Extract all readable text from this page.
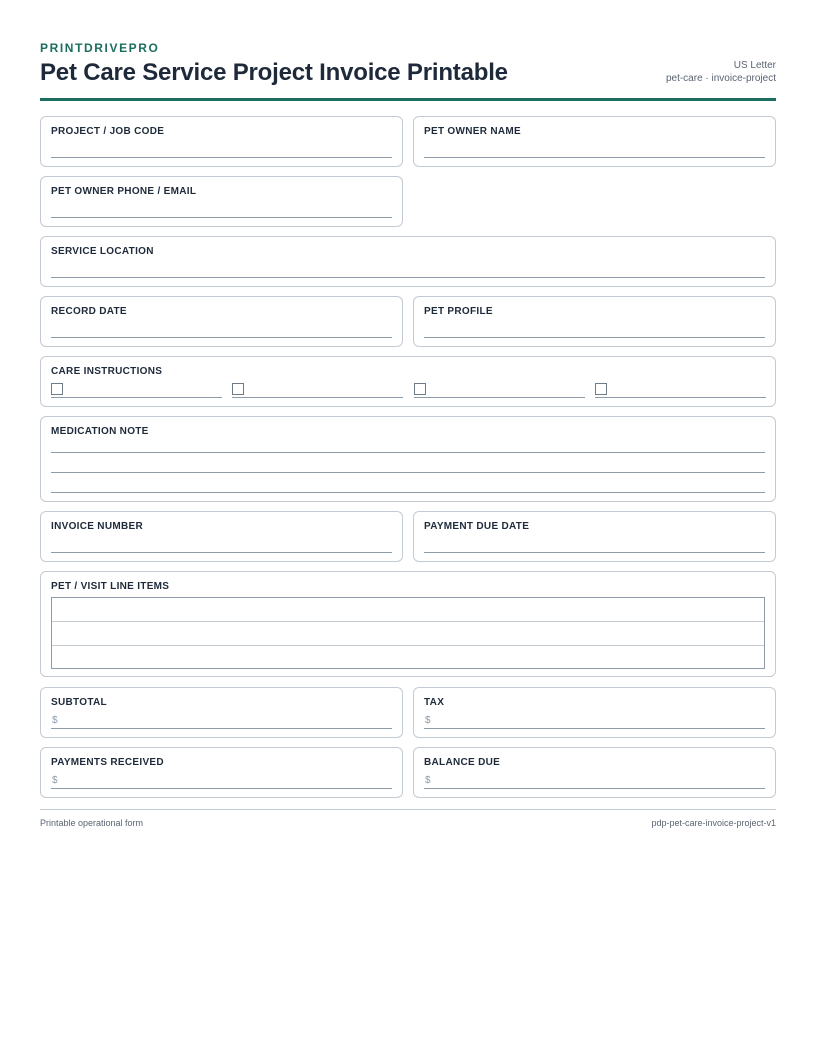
PRINTDRIVEPRO
Pet Care Service Project Invoice Printable	US Letter
pet-care · invoice-project
PROJECT / JOB CODE	PET OWNER NAME
PET OWNER PHONE / EMAIL
SERVICE LOCATION
RECORD DATE	PET PROFILE
CARE INSTRUCTIONS
MEDICATION NOTE
INVOICE NUMBER	PAYMENT DUE DATE
PET / VISIT LINE ITEMS
SUBTOTAL
$
TAX
$
PAYMENTS RECEIVED
$
BALANCE DUE
$
Printable operational form	pdp-pet-care-invoice-project-v1
